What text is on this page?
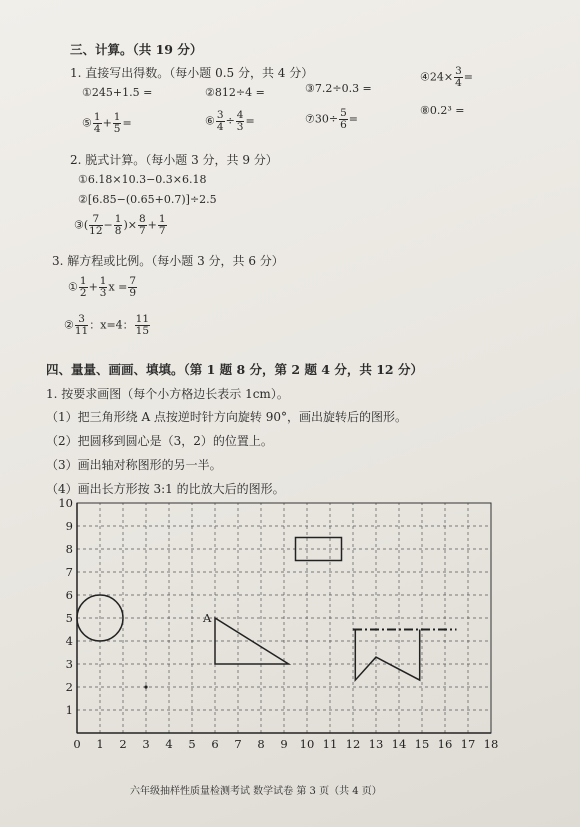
三、计算。（共 19 分）
1. 直接写出得数。（每小题 0.5 分，共 4 分）
①245+1.5 =	②812÷4 =	③7.2÷0.3 =
④24× $\frac{3}{4}$ =
⑤ $\frac{1}{4} + \frac{1}{5}$ =	⑥ $\frac{3}{4} \div \frac{4}{3}$ =	⑦30÷ $\frac{5}{6}$ =
⑧0.2³ =
2. 脱式计算。（每小题 3 分，共 9 分）
①6.18×10.3−0.3×6.18
②[6.85−(0.65+0.7)]÷2.5
③( $\frac{7}{12} - \frac{1}{8}$ )× $\frac{8}{7} + \frac{1}{7}$
3. 解方程或比例。（每小题 3 分，共 6 分）
① $\frac{1}{2} + \frac{1}{3}$ $x = \frac{7}{9}$
② $\frac{3}{11}$ ：x=4： $\frac{11}{15}$
四、量量、画画、填填。（第 1 题 8 分，第 2 题 4 分，共 12 分）
1. 按要求画图（每个小方格边长表示 1cm）。
（1）把三角形绕 A 点按逆时针方向旋转 90°，画出旋转后的图形。
（2）把圆移到圆心是（3，2）的位置上。
（3）画出轴对称图形的另一半。
（4）画出长方形按 3:1 的比放大后的图形。
0 1 2 3 4 5 6 7 8 9 10 11 12 13 14 15 16 17 18
1
2
3
4
5
6
7
8
9
10
A
六年级抽样性质量检测考试 数学试卷 第 3 页（共 4 页）
